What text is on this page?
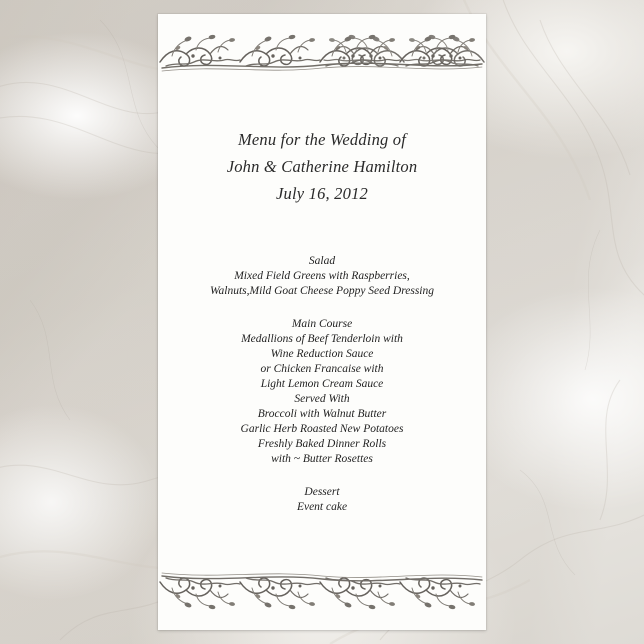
Menu for the Wedding of
John & Catherine Hamilton
July 16, 2012
Salad
Mixed Field Greens with Raspberries,
Walnuts,Mild Goat Cheese Poppy Seed Dressing
Main Course
Medallions of Beef Tenderloin with
Wine Reduction Sauce
or Chicken Francaise with
Light Lemon Cream Sauce
Served With
Broccoli with Walnut Butter
Garlic Herb Roasted New Potatoes
Freshly Baked Dinner Rolls
with ~ Butter Rosettes
Dessert
Event cake
